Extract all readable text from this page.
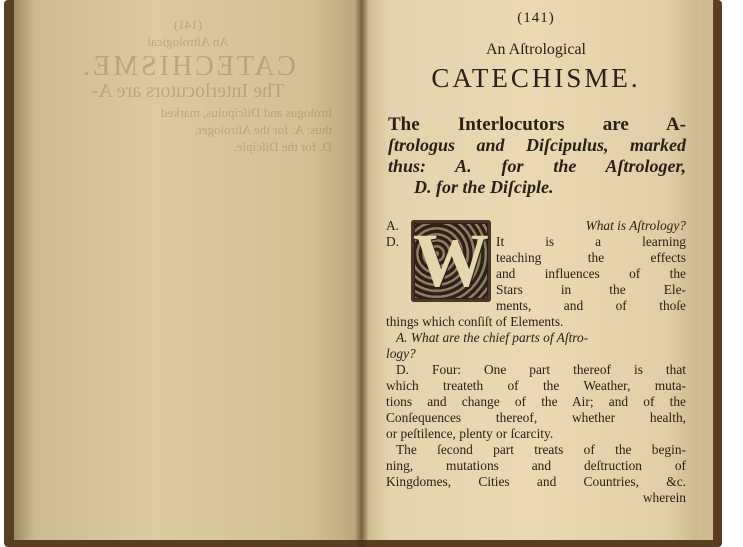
(141)
An Aſtrological
CATECHISME.
The Interlocutors are A-
ſtrologus and Diſcipulus, marked
thus: A. for the Aſtrologer,
D. for the Diſciple.
(141)
An Aſtrological
CATECHISME.
The Interlocutors are A-
ſtrologus and Diſcipulus, marked
thus: A. for the Aſtrologer,
D. for the Diſciple.
A.
D. W	What is Aſtrology?
It is a learning
teaching the effects
and influences of the
Stars in the Ele-
ments, and of thoſe
things which conſiſt of Elements.
A. What are the chief parts of Aſtro-
logy?
D. Four: One part thereof is that
which treateth of the Weather, muta-
tions and change of the Air; and of the
Conſequences thereof, whether health,
or peſtilence, plenty or ſcarcity.
The ſecond part treats of the begin-
ning, mutations and deſtruction of
Kingdomes, Cities and Countries, &c.
wherein
